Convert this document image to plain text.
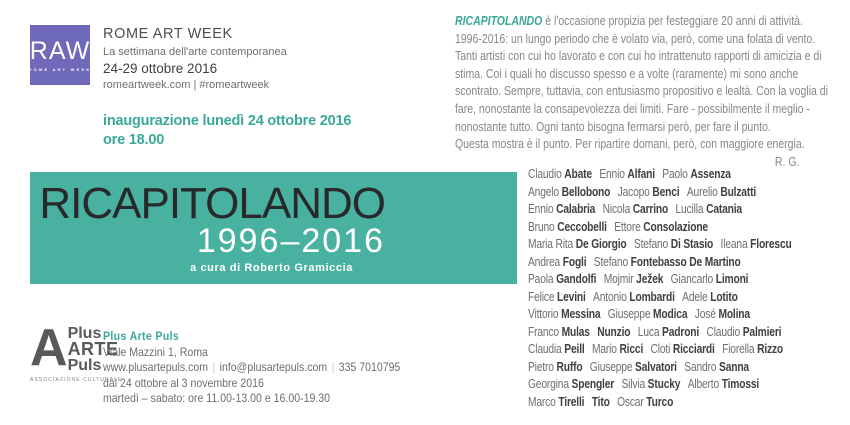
RAW
ROME ART WEEK
ROME ART WEEK
La settimana dell'arte contemporanea
24-29 ottobre 2016
romeartweek.com | #romeartweek
inaugurazione lunedì 24 ottobre 2016
ore 18.00
RICAPITOLANDO
1996–2016
a cura di Roberto Gramiccia
A Plus
ARTE
Puls
ASSOCIAZIONE CULTURALE
Plus Arte Puls
Viale Mazzini 1, Roma
www.plusartepuls.com | info@plusartepuls.com | 335 7010795
dal 24 ottobre al 3 novembre 2016
martedì – sabato: ore 11.00-13.00 e 16.00-19.30
RICAPITOLANDO è l'occasione propizia per festeggiare 20 anni di attività.
1996-2016: un lungo periodo che è volato via, però, come una folata di vento.
Tanti artisti con cui ho lavorato e con cui ho intrattenuto rapporti di amicizia e di
stima. Coi i quali ho discusso spesso e a volte (raramente) mi sono anche
scontrato. Sempre, tuttavia, con entusiasmo propositivo e lealtà. Con la voglia di
fare, nonostante la consapevolezza dei limiti. Fare - possibilmente il meglio -
nonostante tutto. Ogni tanto bisogna fermarsi però, per fare il punto.
Questa mostra è il punto. Per ripartire domani, però, con maggiore energia.
R. G.
Claudio Abate Ennio Alfani Paolo Assenza
Angelo Bellobono Jacopo Benci Aurelio Bulzatti
Ennio Calabria Nicola Carrino Lucilla Catania
Bruno Ceccobelli Ettore Consolazione
Maria Rita De Giorgio Stefano Di Stasio Ileana Florescu
Andrea Fogli Stefano Fontebasso De Martino
Paola Gandolfi Mojmir Ježek Giancarlo Limoni
Felice Levini Antonio Lombardi Adele Lotito
Vittorio Messina Giuseppe Modica José Molina
Franco Mulas Nunzio Luca Padroni Claudio Palmieri
Claudia Peill Mario Ricci Cloti Ricciardi Fiorella Rizzo
Pietro Ruffo Giuseppe Salvatori Sandro Sanna
Georgina Spengler Silvia Stucky Alberto Timossi
Marco Tirelli Tito Oscar Turco
